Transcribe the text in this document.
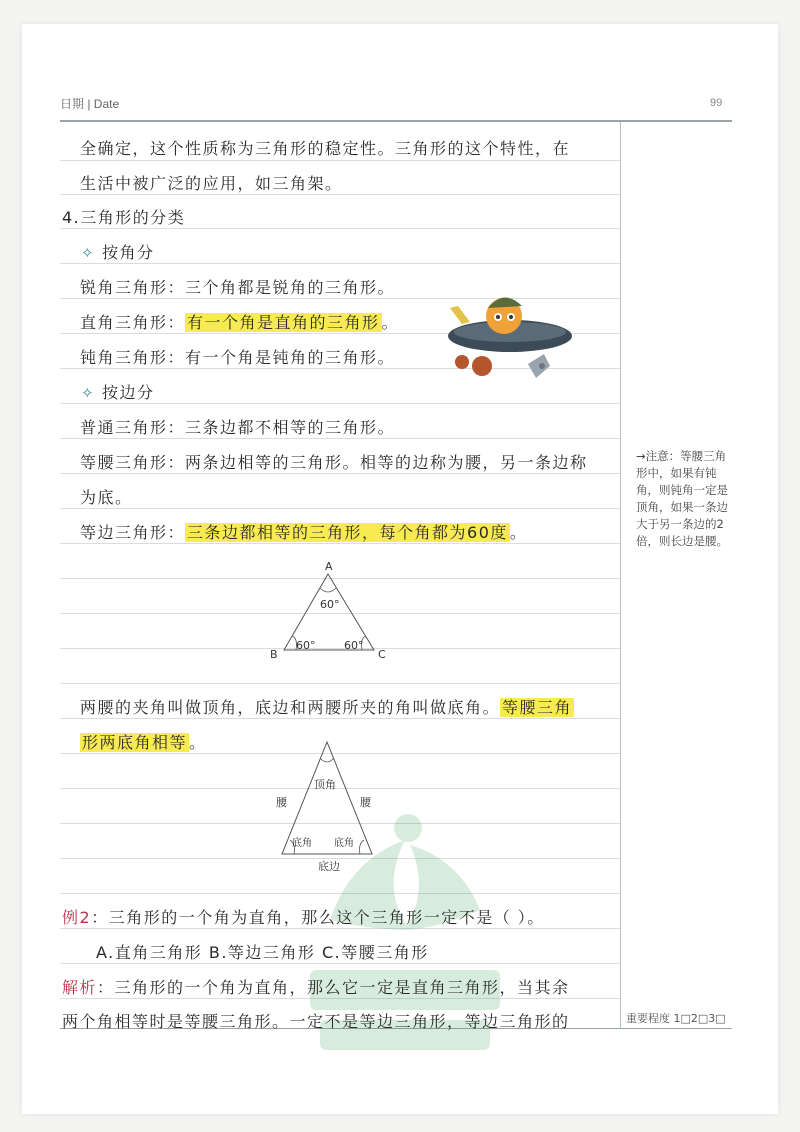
日期 | Date	99
全确定，这个性质称为三角形的稳定性。三角形的这个特性，在
生活中被广泛的应用，如三角架。
4.三角形的分类
✧ 按角分
锐角三角形：三个角都是锐角的三角形。
直角三角形： 有一个角是直角的三角形 。
钝角三角形：有一个角是钝角的三角形。
✧ 按边分
普通三角形：三条边都不相等的三角形。
等腰三角形：两条边相等的三角形。相等的边称为腰，另一条边称
为底。
等边三角形： 三条边都相等的三角形，每个角都为60度 。
A
B	C
60°
60°	60°
两腰的夹角叫做顶角，底边和两腰所夹的角叫做底角。 等腰三角
形两底角相等 。
顶角
腰	腰
底角 底角
底边
例2：三角形的一个角为直角，那么这个三角形一定不是（ ）。
A.直角三角形 B.等边三角形 C.等腰三角形
解析：三角形的一个角为直角，那么它一定是直角三角形，当其余
两个角相等时是等腰三角形。一定不是等边三角形，等边三角形的
→注意：等腰三角形中，如果有钝角，则钝角一定是顶角，如果一条边大于另一条边的2倍，则长边是腰。
重要程度 1□2□3□
